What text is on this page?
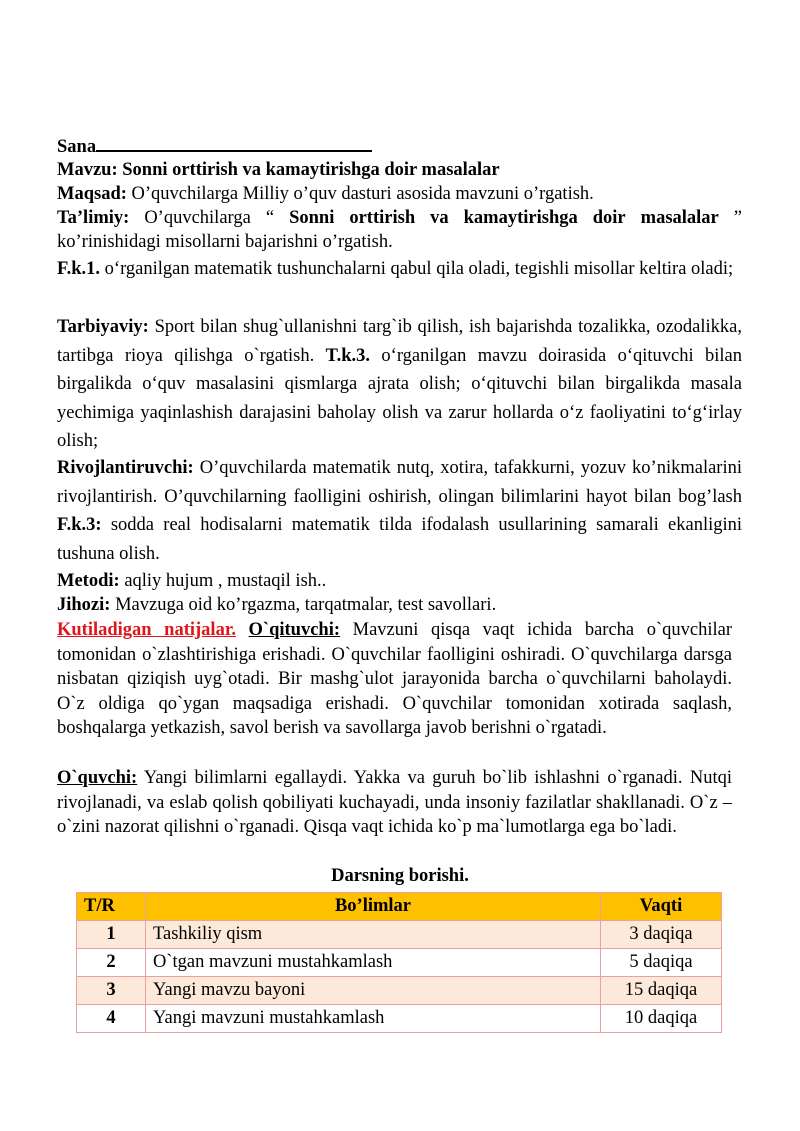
Sana
Mavzu: Sonni orttirish va kamaytirishga doir masalalar
Maqsad: O’quvchilarga Milliy o’quv dasturi asosida mavzuni o’rgatish.
Ta’limiy: O’quvchilarga “ Sonni orttirish va kamaytirishga doir masalalar ” ko’rinishidagi misollarni bajarishni o’rgatish.
F.k.1. o‘rganilgan matematik tushunchalarni qabul qila oladi, tegishli misollar keltira oladi;
Tarbiyaviy: Sport bilan shug`ullanishni targ`ib qilish, ish bajarishda tozalikka, ozodalikka, tartibga rioya qilishga o`rgatish. T.k.3. o‘rganilgan mavzu doirasida o‘qituvchi bilan birgalikda o‘quv masalasini qismlarga ajrata olish; o‘qituvchi bilan birgalikda masala yechimiga yaqinlashish darajasini baholay olish va zarur hollarda o‘z faoliyatini to‘g‘irlay olish;
Rivojlantiruvchi: O’quvchilarda matematik nutq, xotira, tafakkurni, yozuv ko’nikmalarini rivojlantirish. O’quvchilarning faolligini oshirish, olingan bilimlarini hayot bilan bog’lash F.k.3: sodda real hodisalarni matematik tilda ifodalash usullarining samarali ekanligini tushuna olish.
Metodi: aqliy hujum , mustaqil ish..
Jihozi: Mavzuga oid ko’rgazma, tarqatmalar, test savollari.
Kutiladigan natijalar. O`qituvchi: Mavzuni qisqa vaqt ichida barcha o`quvchilar tomonidan o`zlashtirishiga erishadi. O`quvchilar faolligini oshiradi. O`quvchilarga darsga nisbatan qiziqish uyg`otadi. Bir mashg`ulot jarayonida barcha o`quvchilarni baholaydi. O`z oldiga qo`ygan maqsadiga erishadi. O`quvchilar tomonidan xotirada saqlash, boshqalarga yetkazish, savol berish va savollarga javob berishni o`rgatadi.
O`quvchi: Yangi bilimlarni egallaydi. Yakka va guruh bo`lib ishlashni o`rganadi. Nutqi rivojlanadi, va eslab qolish qobiliyati kuchayadi, unda insoniy fazilatlar shakllanadi. O`z – o`zini nazorat qilishni o`rganadi. Qisqa vaqt ichida ko`p ma`lumotlarga ega bo`ladi.
Darsning borishi.
T/R	Bo’limlar	Vaqti
1	Tashkiliy qism	3 daqiqa
2	O`tgan mavzuni mustahkamlash	5 daqiqa
3	Yangi mavzu bayoni	15 daqiqa
4	Yangi mavzuni mustahkamlash	10 daqiqa
